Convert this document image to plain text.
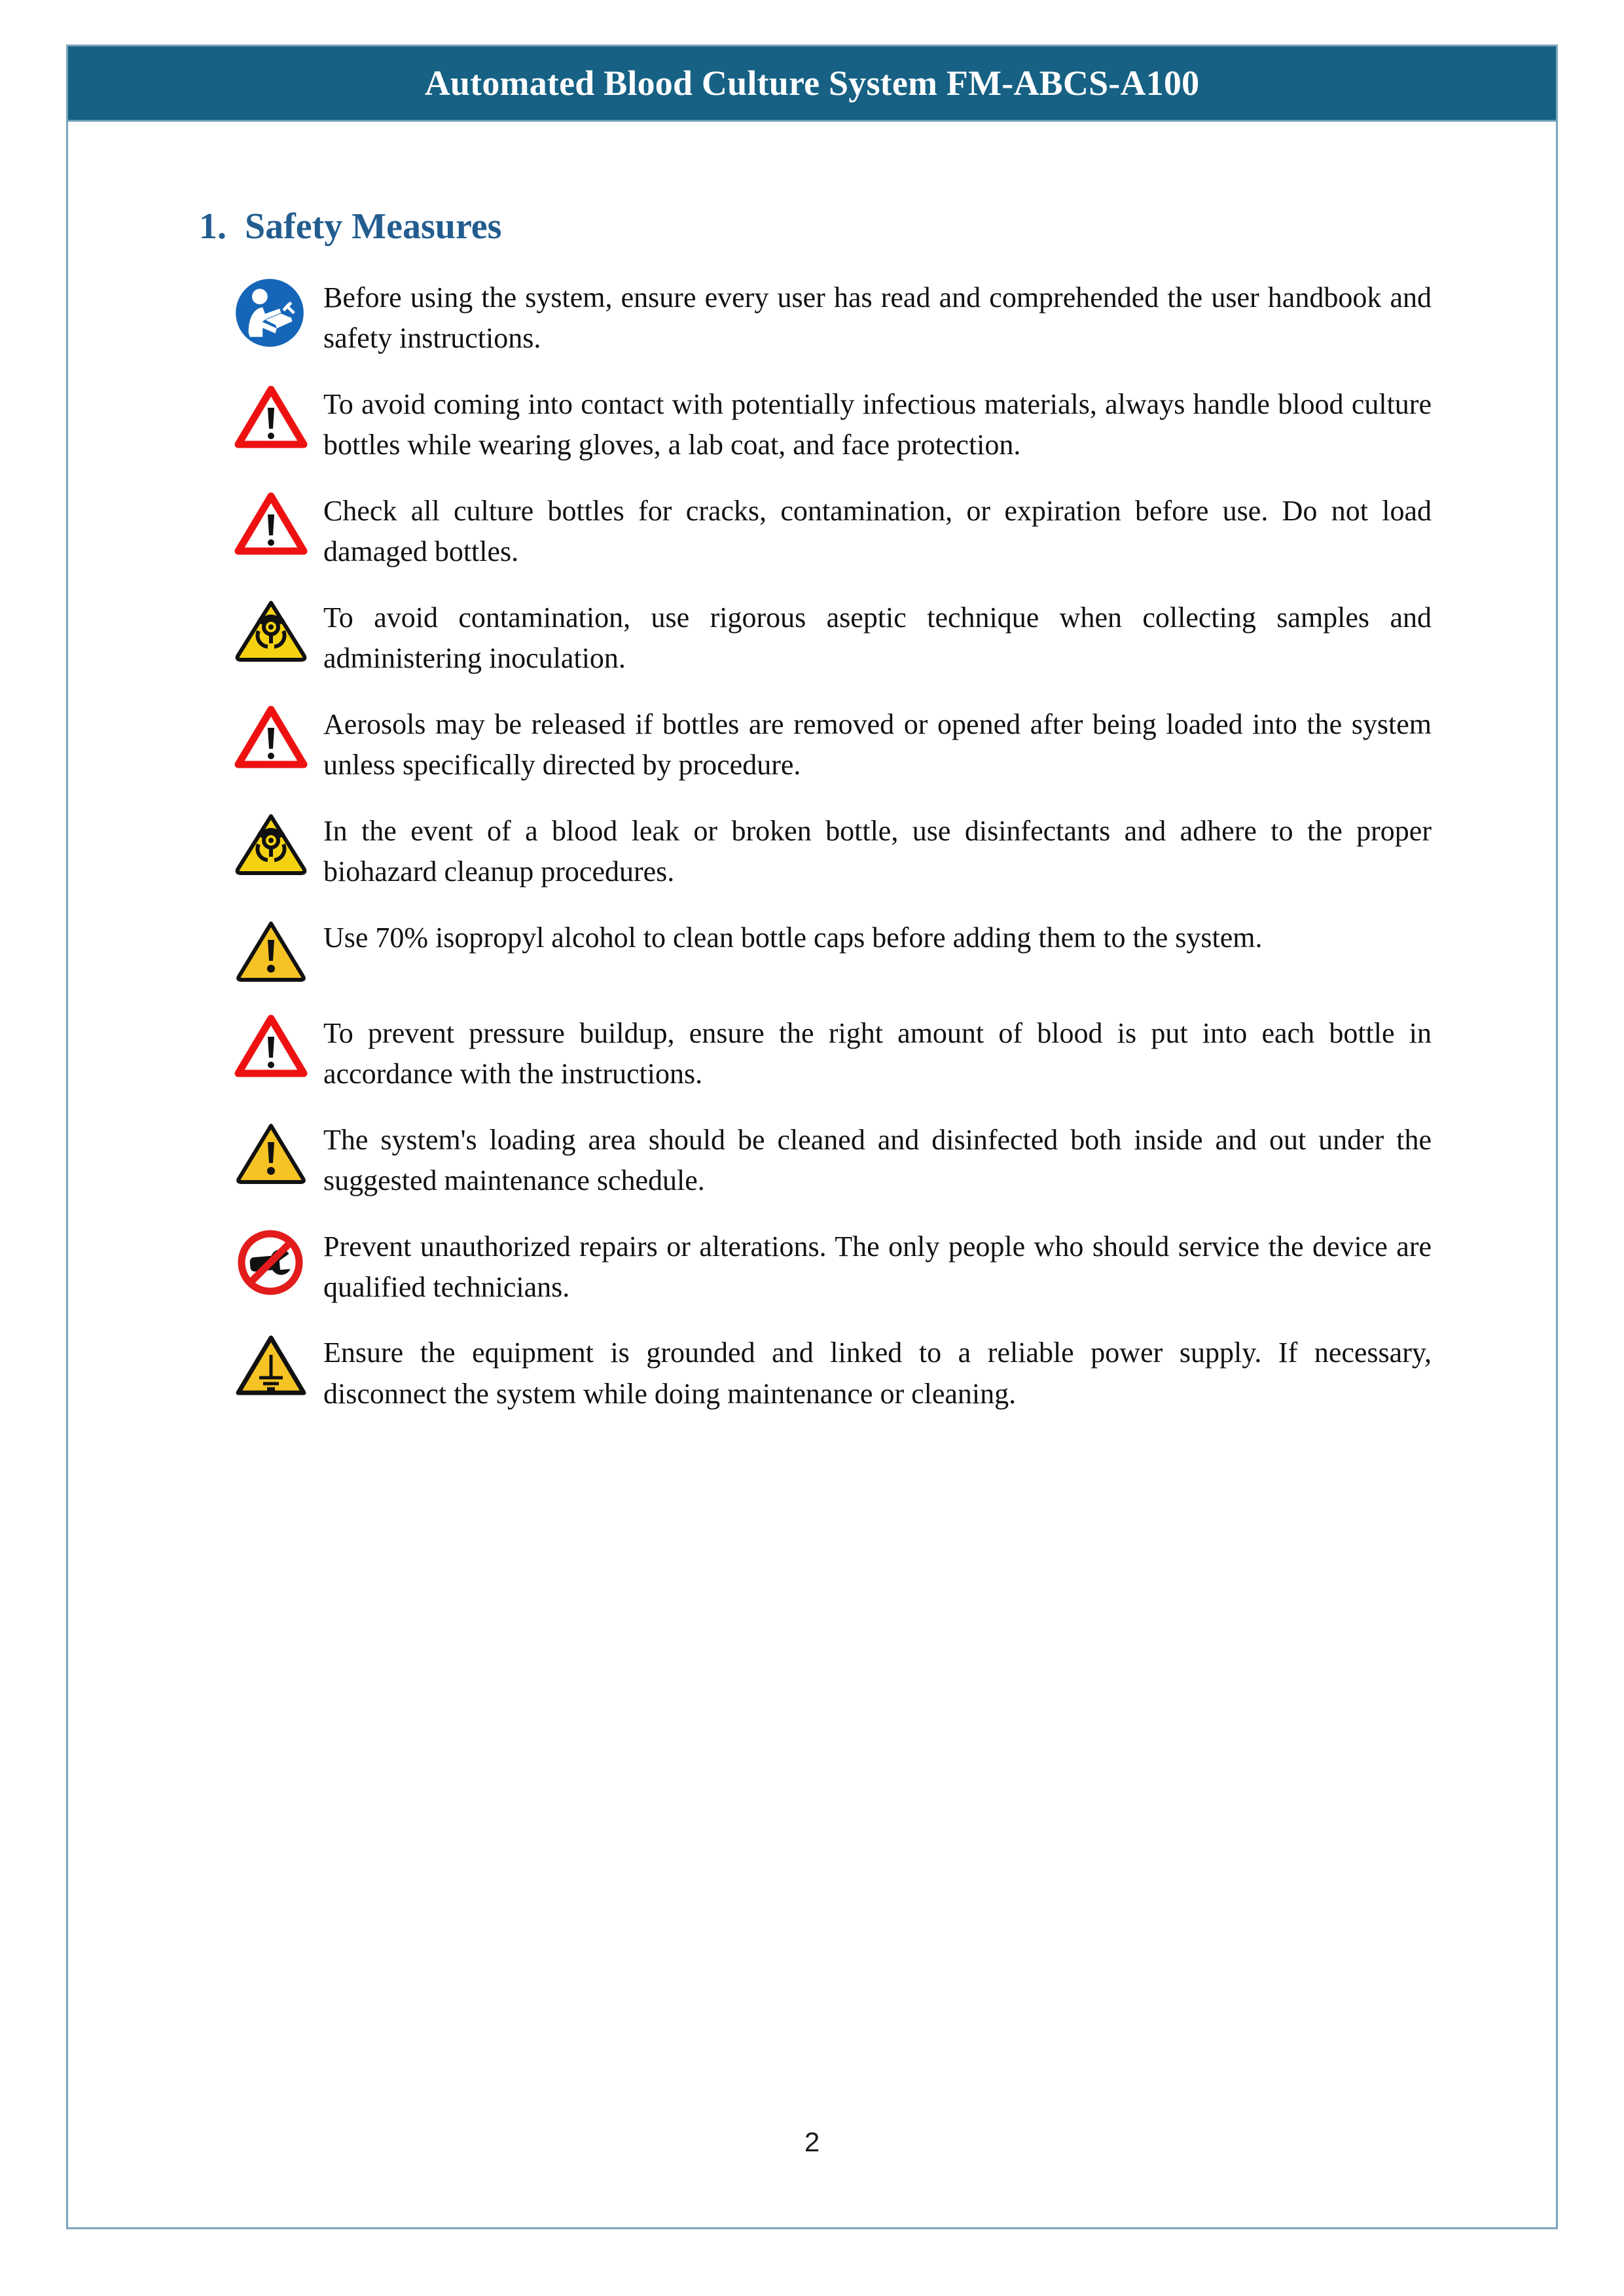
Automated Blood Culture System FM-ABCS-A100
1. Safety Measures
Before using the system, ensure every user has read and comprehended the user handbook and safety instructions.
To avoid coming into contact with potentially infectious materials, always handle blood culture bottles while wearing gloves, a lab coat, and face protection.
Check all culture bottles for cracks, contamination, or expiration before use. Do not load damaged bottles.
To avoid contamination, use rigorous aseptic technique when collecting samples and administering inoculation.
Aerosols may be released if bottles are removed or opened after being loaded into the system unless specifically directed by procedure.
In the event of a blood leak or broken bottle, use disinfectants and adhere to the proper biohazard cleanup procedures.
Use 70% isopropyl alcohol to clean bottle caps before adding them to the system.
To prevent pressure buildup, ensure the right amount of blood is put into each bottle in accordance with the instructions.
The system's loading area should be cleaned and disinfected both inside and out under the suggested maintenance schedule.
Prevent unauthorized repairs or alterations. The only people who should service the device are qualified technicians.
Ensure the equipment is grounded and linked to a reliable power supply. If necessary, disconnect the system while doing maintenance or cleaning.
2
